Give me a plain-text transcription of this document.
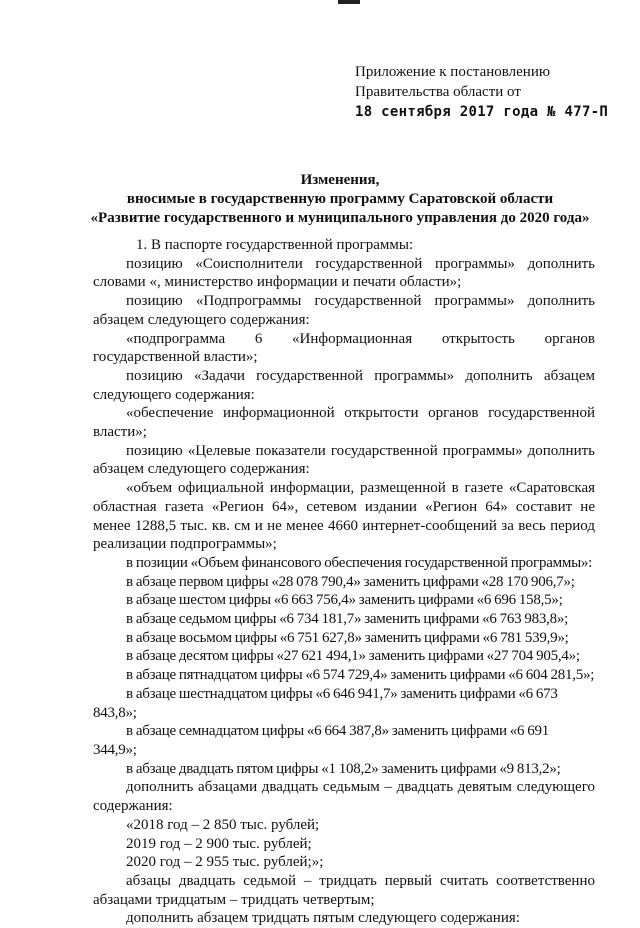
Приложение к постановлению
Правительства области от
18 сентября 2017 года № 477-П
Изменения,
вносимые в государственную программу Саратовской области
«Развитие государственного и муниципального управления до 2020 года»

1. В паспорте государственной программы:

позицию «Соисполнители государственной программы» дополнить словами «, министерство информации и печати области»;

позицию «Подпрограммы государственной программы» дополнить абзацем следующего содержания:

«подпрограмма 6 «Информационная открытость органов государственной власти»;

позицию «Задачи государственной программы» дополнить абзацем следующего содержания:

«обеспечение информационной открытости органов государственной власти»;

позицию «Целевые показатели государственной программы» дополнить абзацем следующего содержания:

«объем официальной информации, размещенной в газете «Саратовская областная газета «Регион 64», сетевом издании «Регион 64» составит не менее 1288,5 тыс. кв. см и не менее 4660 интернет-сообщений за весь период реализации подпрограммы»;

в позиции «Объем финансового обеспечения государственной программы»:

в абзаце первом цифры «28 078 790,4» заменить цифрами «28 170 906,7»;

в абзаце шестом цифры «6 663 756,4» заменить цифрами «6 696 158,5»;

в абзаце седьмом цифры «6 734 181,7» заменить цифрами «6 763 983,8»;

в абзаце восьмом цифры «6 751 627,8» заменить цифрами «6 781 539,9»;

в абзаце десятом цифры «27 621 494,1» заменить цифрами «27 704 905,4»;

в абзаце пятнадцатом цифры «6 574 729,4» заменить цифрами «6 604 281,5»;

в абзаце шестнадцатом цифры «6 646 941,7» заменить цифрами «6 673 843,8»;

в абзаце семнадцатом цифры «6 664 387,8» заменить цифрами «6 691 344,9»;

в абзаце двадцать пятом цифры «1 108,2» заменить цифрами «9 813,2»;

дополнить абзацами двадцать седьмым – двадцать девятым следующего содержания:

«2018 год – 2 850 тыс. рублей;

2019 год – 2 900 тыс. рублей;

2020 год – 2 955 тыс. рублей;»;

абзацы двадцать седьмой – тридцать первый считать соответственно абзацами тридцатым – тридцать четвертым;

дополнить абзацем тридцать пятым следующего содержания:
